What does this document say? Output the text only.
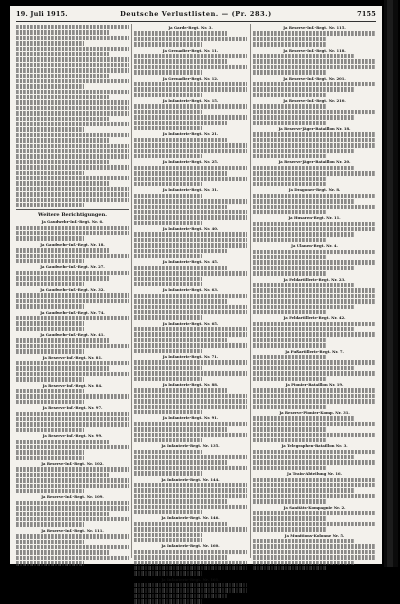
19. Juli 1915.	Deutsche Verlustlisten. — (Pr. 283.)	7155
Weitere Berichtigungen.
Ja Gaudwebr-Inf.-Regt. Nr. 6.
Ja Gaudwebr-Inf.-Regt. Nr. 18.
Ja Gaudwebr-Inf.-Regt. Nr. 27.
Ja Gaudwebr-Inf.-Regt. Nr. 32.
Ja Gaudwebr-Inf.-Regt. Nr. 74.
Ja Gaudwebr-Inf.-Regt. Nr. 41.
Ja Reserve-Inf.-Regt. Nr. 81.
Ja Reserve-Inf.-Regt. Nr. 84.
Ja Reserve-Inf.-Regt. Nr. 97.
Ja Reserve-Inf.-Regt. Nr. 99.
Ja Reserve-Inf.-Regt. Nr. 102.
Ja Reserve-Inf.-Regt. Nr. 109.
Ja Reserve-Inf.-Regt. Nr. 111.
Ja Garde-Regt. Nr. 3.
Ja Grenadier-Regt. Nr. 11.
Ja Grenadier-Regt. Nr. 12.
Ja Infanterie-Regt. Nr. 15.
Ja Infanterie-Regt. Nr. 21.
Ja Infanterie-Regt. Nr. 25.
Ja Infanterie-Regt. Nr. 31.
Ja Infanterie-Regt. Nr. 40.
Ja Infanterie-Regt. Nr. 45.
Ja Infanterie-Regt. Nr. 63.
Ja Infanterie-Regt. Nr. 65.
Ja Infanterie-Regt. Nr. 71.
Ja Infanterie-Regt. Nr. 88.
Ja Infanterie-Regt. Nr. 91.
Ja Infanterie-Regt. Nr. 135.
Ja Infanterie-Regt. Nr. 144.
Ja Infanterie-Regt. Nr. 146.
Ja Infanterie-Regt. Nr. 160.
Ja Infanterie-Regt. Nr. 161.
Ja Reserve-Inf.-Regt. Nr. 115.
Ja Reserve-Inf.-Regt. Nr. 118.
Ja Reserve-Inf.-Regt. Nr. 201.
Ja Reserve-Inf.-Regt. Nr. 210.
Ja Reserve-Jäger-Bataillon Nr. 18.
Ja Reserve-Jäger-Bataillon Nr. 20.
Ja Dragoner-Regt. Nr. 8.
Ja Husaren-Regt. Nr. 11.
Ja Ulanen-Regt. Nr. 4.
Ja Feldartillerie-Regt. Nr. 23.
Ja Feldartillerie-Regt. Nr. 42.
Ja Fußartillerie-Regt. Nr. 7.
Ja Pionier-Bataillon Nr. 19.
Ja Reserve-Pionier-Komp. Nr. 31.
Ja Telegraphen-Bataillon Nr. 3.
Ja Train-Abteilung Nr. 16.
Ja Sanitäts-Kompagnie Nr. 2.
Ja Munitions-Kolonne Nr. 5.
